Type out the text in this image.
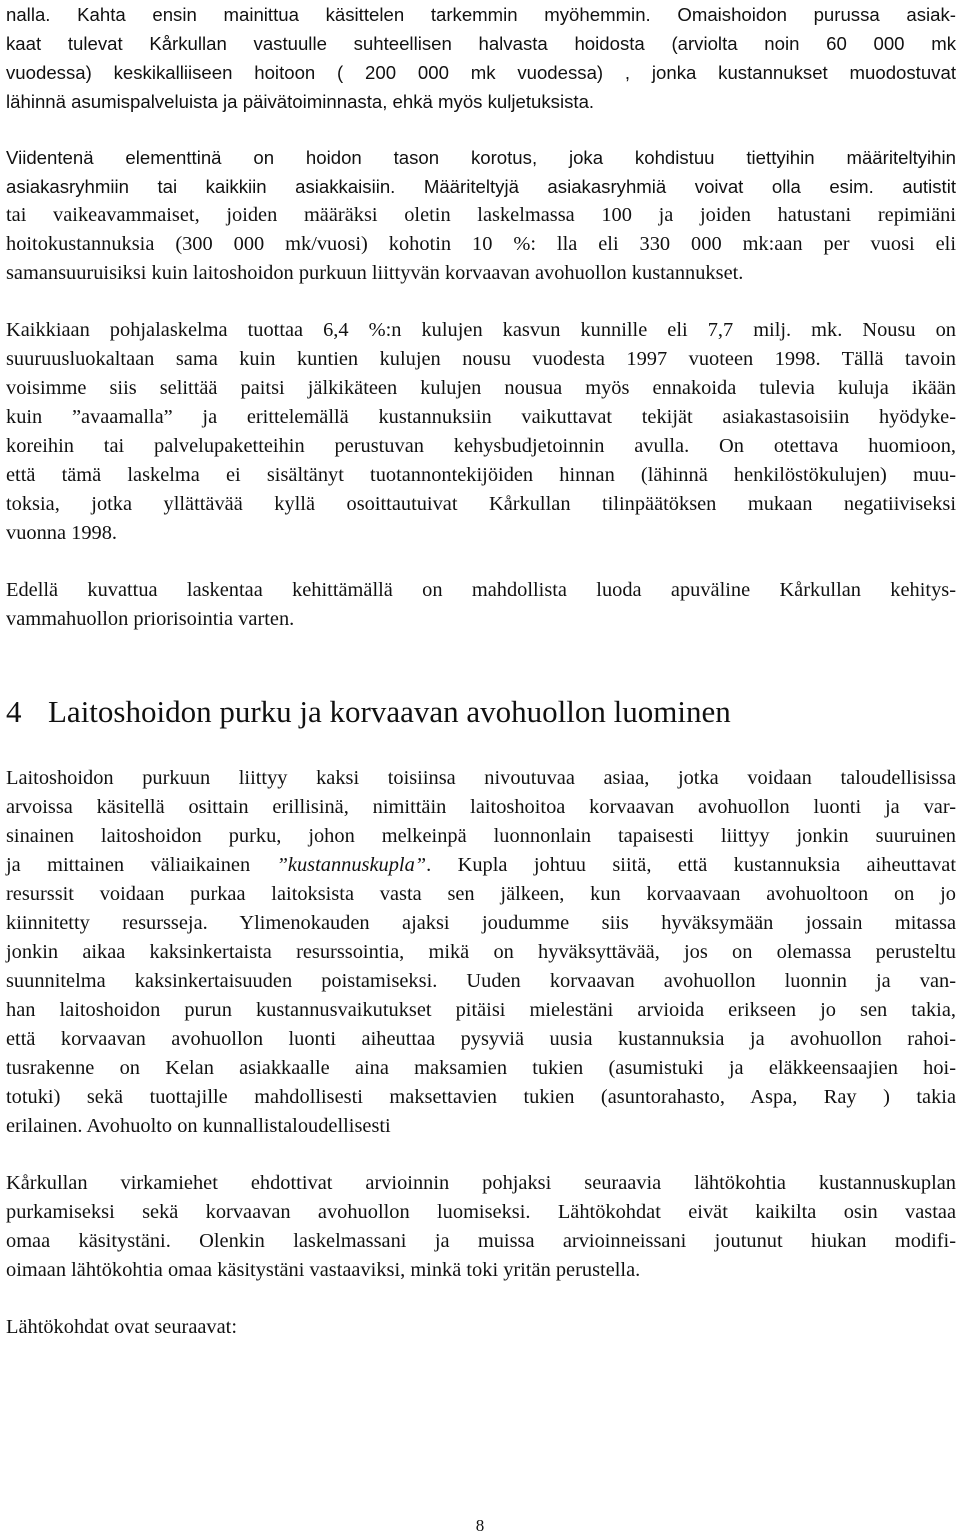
nalla. Kahta ensin mainittua käsittelen tarkemmin myöhemmin. Omaishoidon purussa asiak-
kaat tulevat Kårkullan vastuulle suhteellisen halvasta hoidosta (arviolta noin 60 000 mk
vuodessa) keskikalliiseen hoitoon ( 200 000 mk vuodessa) , jonka kustannukset muodostuvat
lähinnä asumispalveluista ja päivätoiminnasta, ehkä myös kuljetuksista.
Viidentenä elementtinä on hoidon tason korotus, joka kohdistuu tiettyihin määriteltyihin
asiakasryhmiin tai kaikkiin asiakkaisiin. Määriteltyjä asiakasryhmiä voivat olla esim. autistit
tai vaikeavammaiset, joiden määräksi oletin laskelmassa 100 ja joiden hatustani repimiäni
hoitokustannuksia (300 000 mk/vuosi) kohotin 10 %: lla eli 330 000 mk:aan per vuosi eli
samansuuruisiksi kuin laitoshoidon purkuun liittyvän korvaavan avohuollon kustannukset.
Kaikkiaan pohjalaskelma tuottaa 6,4 %:n kulujen kasvun kunnille eli 7,7 milj. mk. Nousu on
suuruusluokaltaan sama kuin kuntien kulujen nousu vuodesta 1997 vuoteen 1998. Tällä tavoin
voisimme siis selittää paitsi jälkikäteen kulujen nousua myös ennakoida tulevia kuluja ikään
kuin ”avaamalla” ja erittelemällä kustannuksiin vaikuttavat tekijät asiakastasoisiin hyödyke-
koreihin tai palvelupaketteihin perustuvan kehysbudjetoinnin avulla. On otettava huomioon,
että tämä laskelma ei sisältänyt tuotannontekijöiden hinnan (lähinnä henkilöstökulujen) muu-
toksia, jotka yllättävää kyllä osoittautuivat Kårkullan tilinpäätöksen mukaan negatiiviseksi
vuonna 1998.
Edellä kuvattua laskentaa kehittämällä on mahdollista luoda apuväline Kårkullan kehitys-
vammahuollon priorisointia varten.
4 Laitoshoidon purku ja korvaavan avohuollon luominen
Laitoshoidon purkuun liittyy kaksi toisiinsa nivoutuvaa asiaa, jotka voidaan taloudellisissa
arvoissa käsitellä osittain erillisinä, nimittäin laitoshoitoa korvaavan avohuollon luonti ja var-
sinainen laitoshoidon purku, johon melkeinpä luonnonlain tapaisesti liittyy jonkin suuruinen
ja mittainen väliaikainen ”kustannuskupla”. Kupla johtuu siitä, että kustannuksia aiheuttavat
resurssit voidaan purkaa laitoksista vasta sen jälkeen, kun korvaavaan avohuoltoon on jo
kiinnitetty resursseja. Ylimenokauden ajaksi joudumme siis hyväksymään jossain mitassa
jonkin aikaa kaksinkertaista resurssointia, mikä on hyväksyttävää, jos on olemassa perusteltu
suunnitelma kaksinkertaisuuden poistamiseksi. Uuden korvaavan avohuollon luonnin ja van-
han laitoshoidon purun kustannusvaikutukset pitäisi mielestäni arvioida erikseen jo sen takia,
että korvaavan avohuollon luonti aiheuttaa pysyviä uusia kustannuksia ja avohuollon rahoi-
tusrakenne on Kelan asiakkaalle aina maksamien tukien (asumistuki ja eläkkeensaajien hoi-
totuki) sekä tuottajille mahdollisesti maksettavien tukien (asuntorahasto, Aspa, Ray ) takia
erilainen. Avohuolto on kunnallistaloudellisesti
Kårkullan virkamiehet ehdottivat arvioinnin pohjaksi seuraavia lähtökohtia kustannuskuplan
purkamiseksi sekä korvaavan avohuollon luomiseksi. Lähtökohdat eivät kaikilta osin vastaa
omaa käsitystäni. Olenkin laskelmassani ja muissa arvioinneissani joutunut hiukan modifi-
oimaan lähtökohtia omaa käsitystäni vastaaviksi, minkä toki yritän perustella.
Lähtökohdat ovat seuraavat:
8
